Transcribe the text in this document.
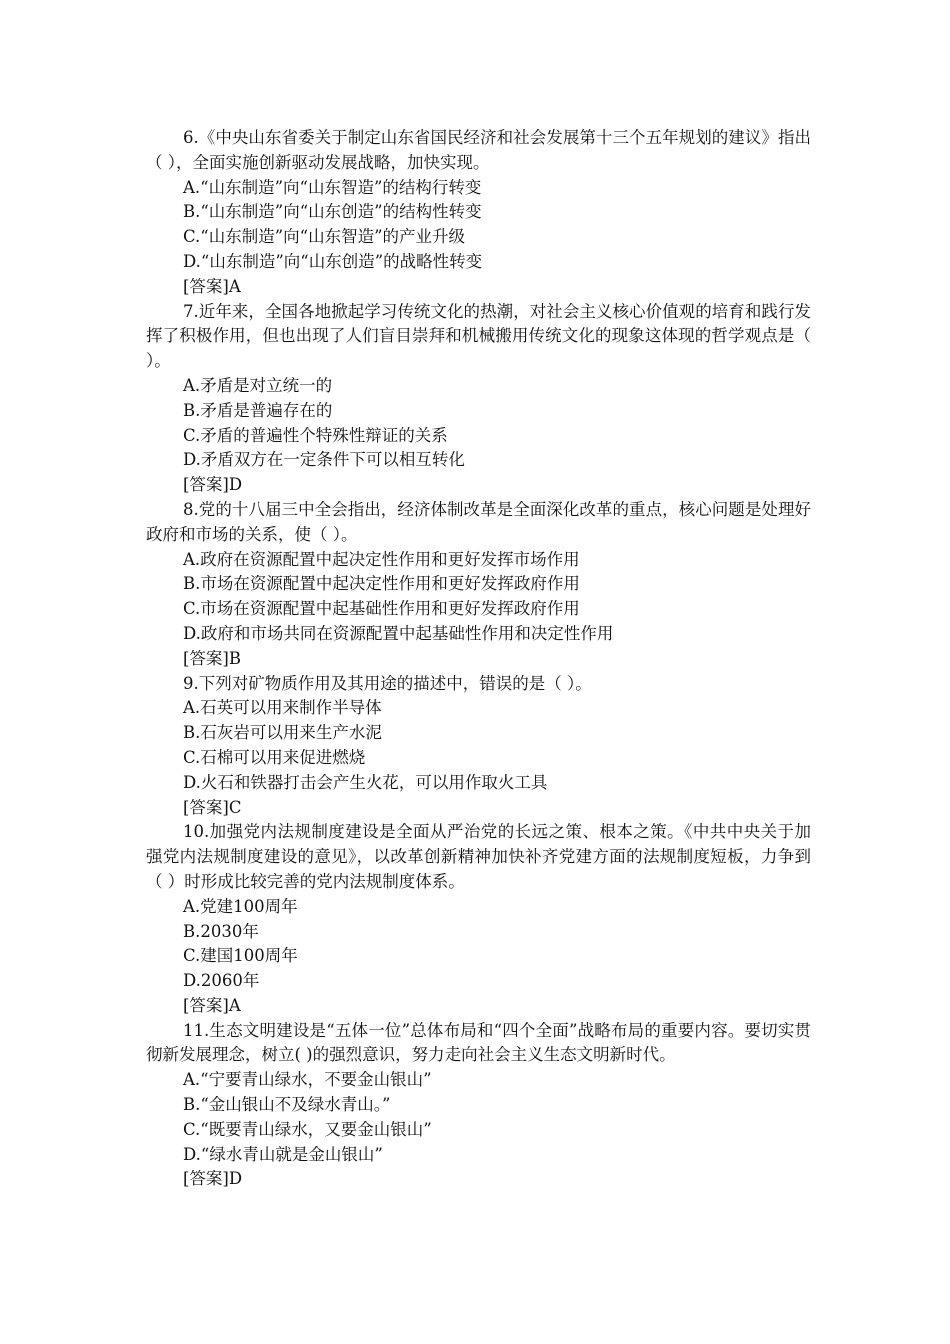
6.《中央山东省委关于制定山东省国民经济和社会发展第十三个五年规划的建议》指出（ ），全面实施创新驱动发展战略，加快实现。

A.“山东制造”向“山东智造”的结构行转变

B.“山东制造”向“山东创造”的结构性转变

C.“山东制造”向“山东智造”的产业升级

D.“山东制造”向“山东创造”的战略性转变

[答案]A

7.近年来，全国各地掀起学习传统文化的热潮，对社会主义核心价值观的培育和践行发挥了积极作用，但也出现了人们盲目崇拜和机械搬用传统文化的现象这体现的哲学观点是（ ）。

A.矛盾是对立统一的

B.矛盾是普遍存在的

C.矛盾的普遍性个特殊性辩证的关系

D.矛盾双方在一定条件下可以相互转化

[答案]D

8.党的十八届三中全会指出，经济体制改革是全面深化改革的重点，核心问题是处理好政府和市场的关系，使（ ）。

A.政府在资源配置中起决定性作用和更好发挥市场作用

B.市场在资源配置中起决定性作用和更好发挥政府作用

C.市场在资源配置中起基础性作用和更好发挥政府作用

D.政府和市场共同在资源配置中起基础性作用和决定性作用

[答案]B

9.下列对矿物质作用及其用途的描述中，错误的是（ ）。

A.石英可以用来制作半导体

B.石灰岩可以用来生产水泥

C.石棉可以用来促进燃烧

D.火石和铁器打击会产生火花，可以用作取火工具

[答案]C

10.加强党内法规制度建设是全面从严治党的长远之策、根本之策。《中共中央关于加强党内法规制度建设的意见》，以改革创新精神加快补齐党建方面的法规制度短板，力争到（ ）时形成比较完善的党内法规制度体系。

A.党建100周年

B.2030年

C.建国100周年

D.2060年

[答案]A

11.生态文明建设是“五体一位”总体布局和“四个全面”战略布局的重要内容。要切实贯彻新发展理念，树立( )的强烈意识，努力走向社会主义生态文明新时代。

A.“宁要青山绿水，不要金山银山”

B.“金山银山不及绿水青山。”

C.“既要青山绿水，又要金山银山”

D.“绿水青山就是金山银山”

[答案]D
